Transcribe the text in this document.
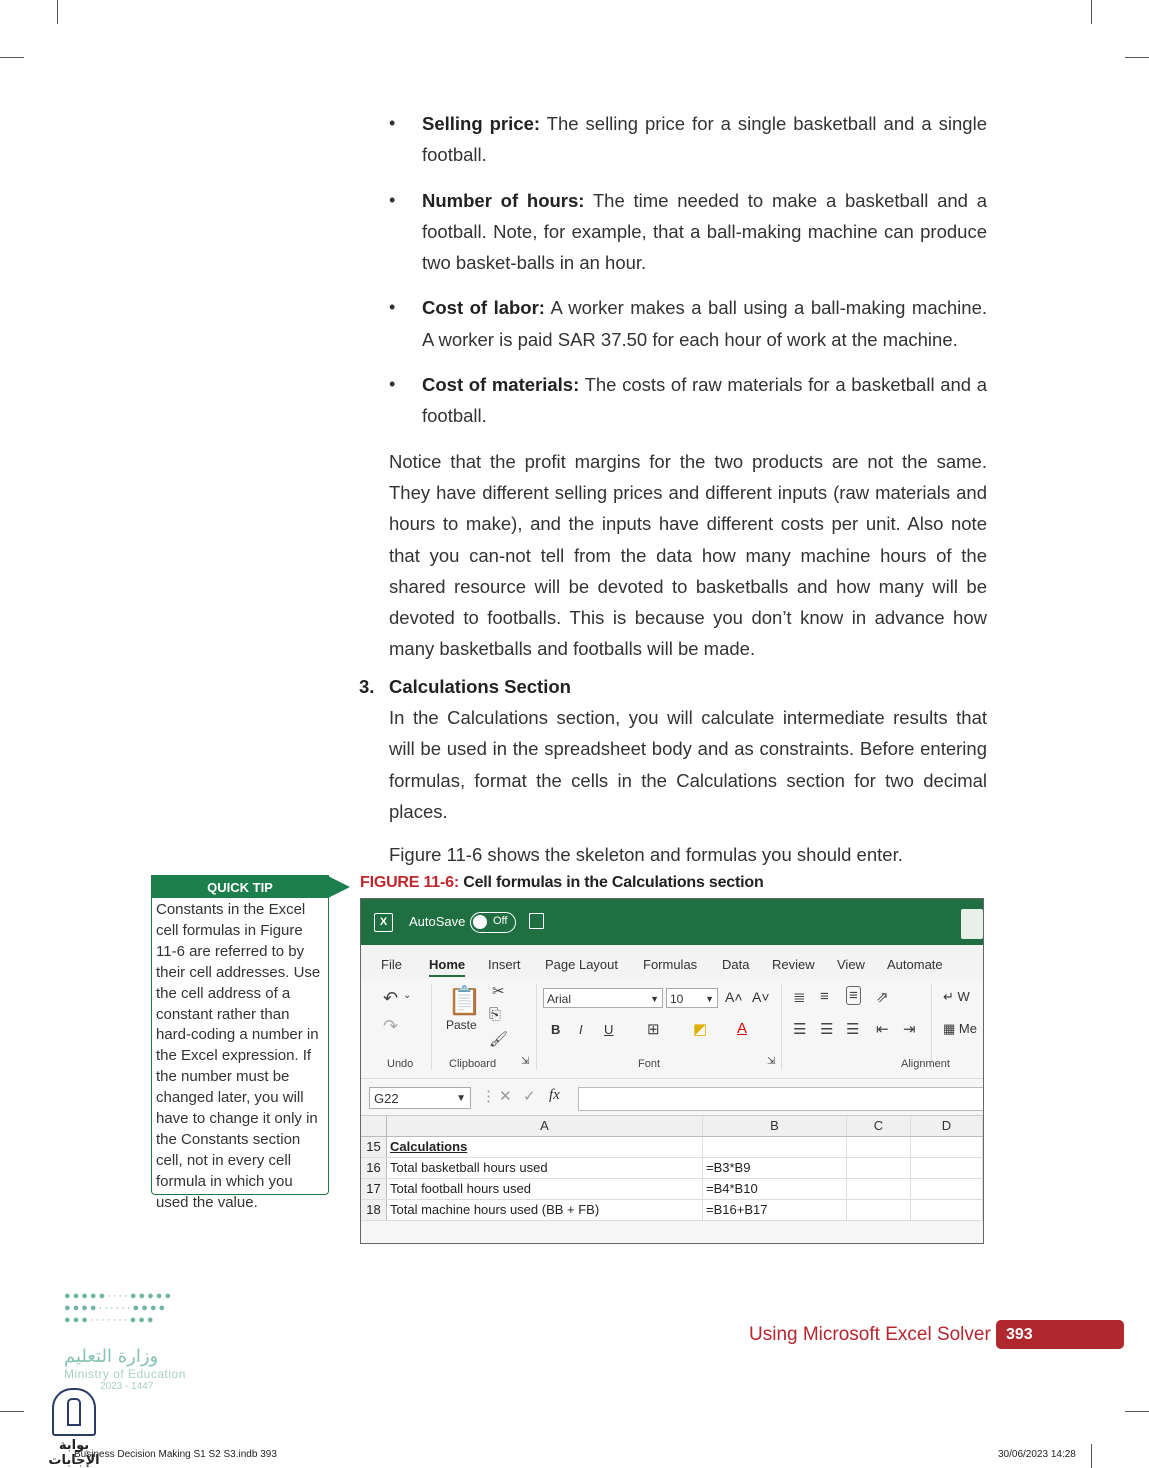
• Selling price: The selling price for a single basketball and a single football.
• Number of hours: The time needed to make a basketball and a football. Note, for example, that a ball-making machine can produce two basket-balls in an hour.
• Cost of labor: A worker makes a ball using a ball-making machine. A worker is paid SAR 37.50 for each hour of work at the machine.
• Cost of materials: The costs of raw materials for a basketball and a football.

Notice that the profit margins for the two products are not the same. They have different selling prices and different inputs (raw materials and hours to make), and the inputs have different costs per unit. Also note that you can-not tell from the data how many machine hours of the shared resource will be devoted to basketballs and how many will be devoted to footballs. This is because you don’t know in advance how many basketballs and footballs will be made.

3. Calculations Section

In the Calculations section, you will calculate intermediate results that will be used in the spreadsheet body and as constraints. Before entering formulas, format the cells in the Calculations section for two decimal places.

Figure 11-6 shows the skeleton and formulas you should enter.

QUICK TIP
Constants in the Excel cell formulas in Figure 11-6 are referred to by their cell addresses. Use the cell address of a constant rather than hard-coding a number in the Excel expression. If the number must be changed later, you will have to change it only in the Constants section cell, not in every cell formula in which you used the value.
FIGURE 11-6: Cell formulas in the Calculations section
X	AutoSave	Off
File Home Insert Page Layout Formulas Data Review View Automate
↶ ⌄
↷
Undo
📋
Paste
✂
⎘
🖌
Clipboard ⇲
Arial	▼ 10 ▼ A˄ A˅
B I U ⊞ ◩ A
Font	⇲
≣ ≡ ≡ ⇗
☰ ☰ ☰ ⇤ ⇥
↵ W
▦ Me
Alignment
G22	▼ ⋮ ✕ ✓ fx
A	B	C	D
15 Calculations
16 Total basketball hours used	=B3*B9
17 Total football hours used	=B4*B10
18 Total machine hours used (BB + FB)	=B16+B17
Using Microsoft Excel Solver 393
●●●●●····●●●●●
●●●●······●●●●
●●●·······●●●
وزارة التعليم
Ministry of Education
2023 - 1447
بوابة الإجابات
Business Decision Making S1 S2 S3.indb 393	30/06/2023 14:28
